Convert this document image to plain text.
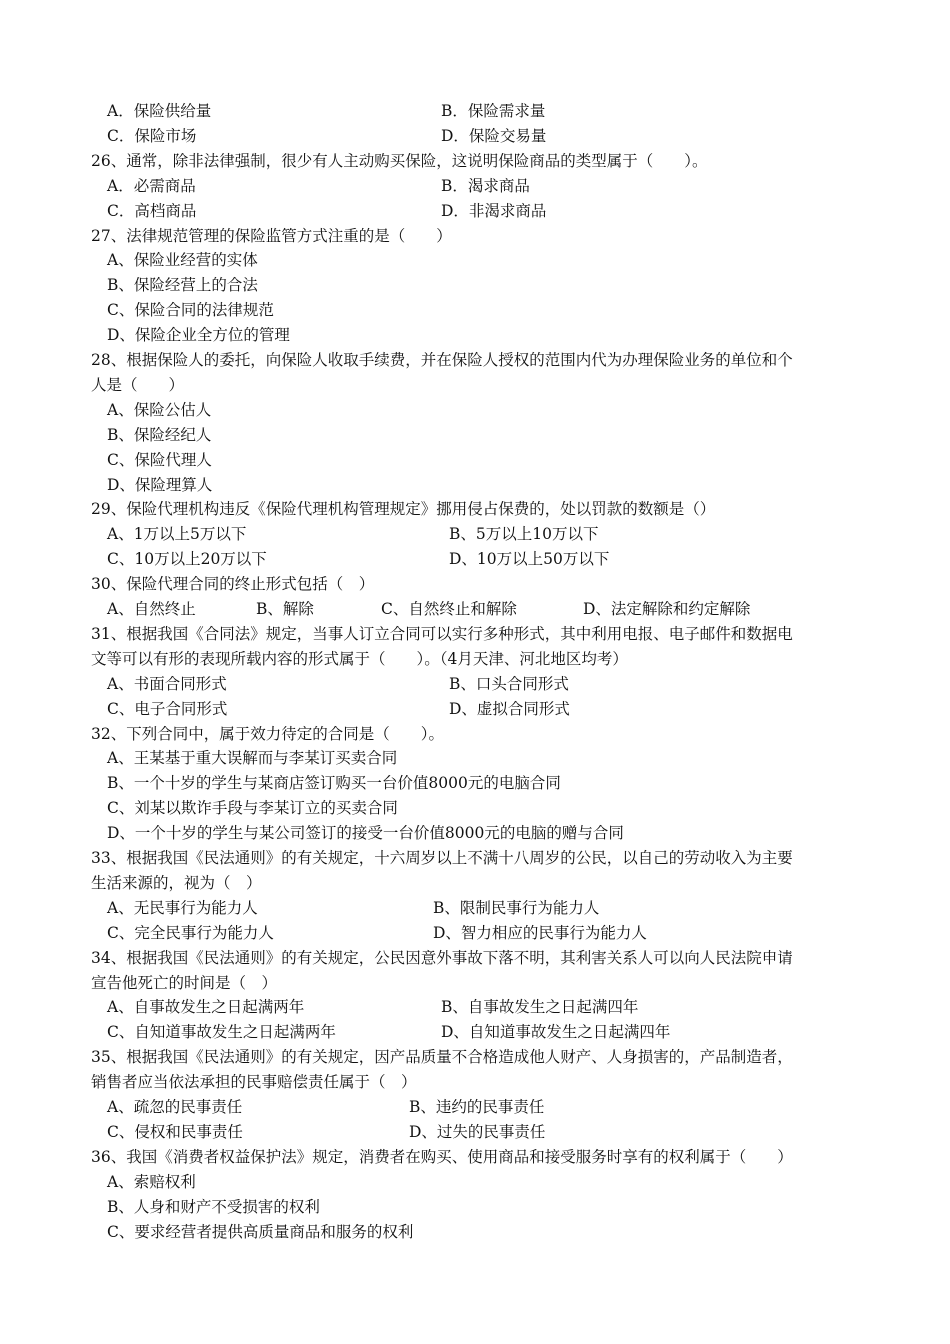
A．保险供给量	B．保险需求量
C．保险市场	D．保险交易量
26、通常，除非法律强制，很少有人主动购买保险，这说明保险商品的类型属于（　　）。
A．必需商品	B．渴求商品
C．高档商品	D．非渴求商品
27、法律规范管理的保险监管方式注重的是（　　）
A、保险业经营的实体
B、保险经营上的合法
C、保险合同的法律规范
D、保险企业全方位的管理
28、根据保险人的委托，向保险人收取手续费，并在保险人授权的范围内代为办理保险业务的单位和个
人是（　　）
A、保险公估人
B、保险经纪人
C、保险代理人
D、保险理算人
29、保险代理机构违反《保险代理机构管理规定》挪用侵占保费的，处以罚款的数额是（）
A、1万以上5万以下	B、5万以上10万以下
C、10万以上20万以下	D、10万以上50万以下
30、保险代理合同的终止形式包括（　）
A、自然终止	B、解除	C、自然终止和解除	D、法定解除和约定解除
31、根据我国《合同法》规定，当事人订立合同可以实行多种形式，其中利用电报、电子邮件和数据电
文等可以有形的表现所载内容的形式属于（　　）。（4月天津、河北地区均考）
A、书面合同形式	B、口头合同形式
C、电子合同形式	D、虚拟合同形式
32、下列合同中，属于效力待定的合同是（　　）。
A、王某基于重大误解而与李某订买卖合同
B、一个十岁的学生与某商店签订购买一台价值8000元的电脑合同
C、刘某以欺诈手段与李某订立的买卖合同
D、一个十岁的学生与某公司签订的接受一台价值8000元的电脑的赠与合同
33、根据我国《民法通则》的有关规定，十六周岁以上不满十八周岁的公民，以自己的劳动收入为主要
生活来源的，视为（　）
A、无民事行为能力人	B、限制民事行为能力人
C、完全民事行为能力人	D、智力相应的民事行为能力人
34、根据我国《民法通则》的有关规定，公民因意外事故下落不明，其利害关系人可以向人民法院申请
宣告他死亡的时间是（　）
A、自事故发生之日起满两年	B、自事故发生之日起满四年
C、自知道事故发生之日起满两年	D、自知道事故发生之日起满四年
35、根据我国《民法通则》的有关规定，因产品质量不合格造成他人财产、人身损害的，产品制造者，
销售者应当依法承担的民事赔偿责任属于（　）
A、疏忽的民事责任	B、违约的民事责任
C、侵权和民事责任	D、过失的民事责任
36、我国《消费者权益保护法》规定，消费者在购买、使用商品和接受服务时享有的权利属于（　　）
A、索赔权利
B、人身和财产不受损害的权利
C、要求经营者提供高质量商品和服务的权利
